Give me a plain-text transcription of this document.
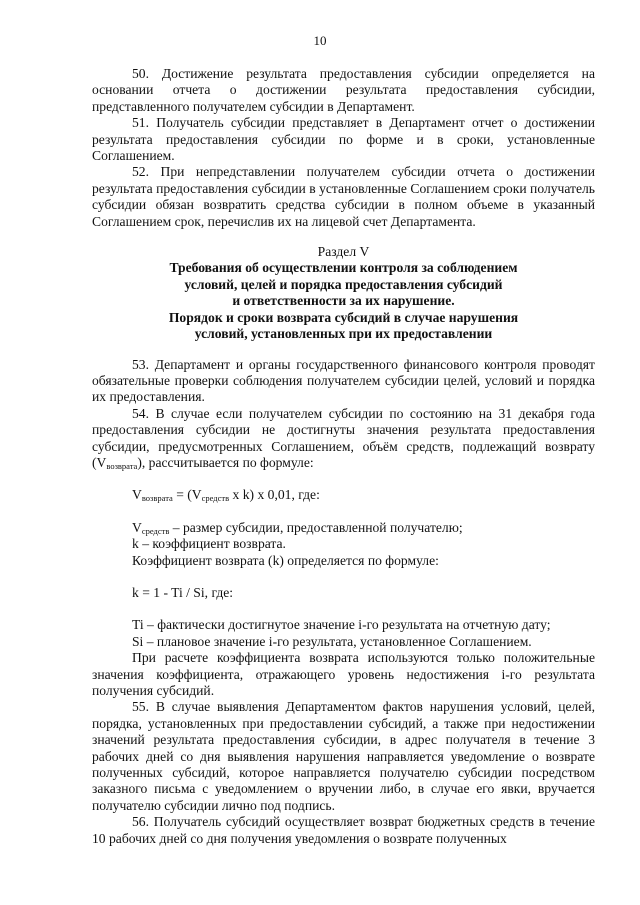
10

50. Достижение результата предоставления субсидии определяется на основании отчета о достижении результата предоставления субсидии, представленного получателем субсидии в Департамент.

51. Получатель субсидии представляет в Департамент отчет о достижении результата предоставления субсидии по форме и в сроки, установленные Соглашением.

52. При непредставлении получателем субсидии отчета о достижении результата предоставления субсидии в установленные Соглашением сроки получатель субсидии обязан возвратить средства субсидии в полном объеме в указанный Соглашением срок, перечислив их на лицевой счет Департамента.

Раздел V
Требования об осуществлении контроля за соблюдением
условий, целей и порядка предоставления субсидий
и ответственности за их нарушение.
Порядок и сроки возврата субсидий в случае нарушения
условий, установленных при их предоставлении

53. Департамент и органы государственного финансового контроля проводят обязательные проверки соблюдения получателем субсидии целей, условий и порядка их предоставления.

54. В случае если получателем субсидии по состоянию на 31 декабря года предоставления субсидии не достигнуты значения результата предоставления субсидии, предусмотренных Соглашением, объём средств, подлежащий возврату $(V_{возврата})$, рассчитывается по формуле:

$V_{возврата} = (V_{средств}$ x k) x 0,01, где:

$V_{средств}$ – размер субсидии, предоставленной получателю;

k – коэффициент возврата.

Коэффициент возврата (k) определяется по формуле:

k = 1 - Ti / Si, где:

Ti – фактически достигнутое значение i-го результата на отчетную дату;

Si – плановое значение i-го результата, установленное Соглашением.

При расчете коэффициента возврата используются только положительные значения коэффициента, отражающего уровень недостижения i-го результата получения субсидий.

55. В случае выявления Департаментом фактов нарушения условий, целей, порядка, установленных при предоставлении субсидий, а также при недостижении значений результата предоставления субсидии, в адрес получателя в течение 3 рабочих дней со дня выявления нарушения направляется уведомление о возврате полученных субсидий, которое направляется получателю субсидии посредством заказного письма с уведомлением о вручении либо, в случае его явки, вручается получателю субсидии лично под подпись.

56. Получатель субсидий осуществляет возврат бюджетных средств в течение 10 рабочих дней со дня получения уведомления о возврате полученных
